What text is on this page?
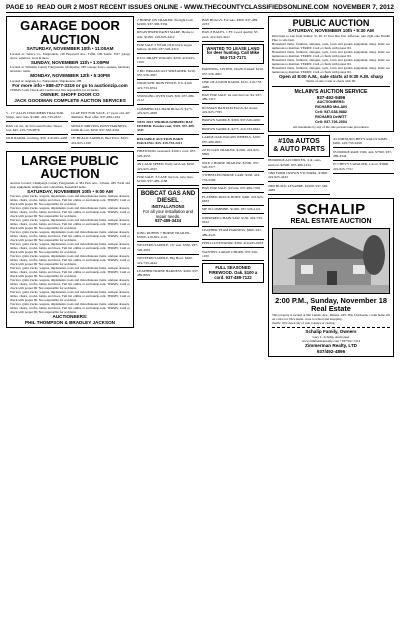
PAGE 10 READ OUR 2 MOST RECENT ISSUES ONLINE - WWW.THECOUNTYCLASSIFIEDSONLINE.COM NOVEMBER 7, 2012
GARAGE DOOR AUCTION
SATURDAY, NOVEMBER 10th • 11:00AM
Located at: Seneca Co. Fairgrounds, 100 Hopewell Ave., Tiffin, OH. Items: 350+ garage doors, windows, tools & more.
SUNDAY, NOVEMBER 11th • 1:00PM
Located at: Williams County Fairgrounds, Montpelier, OH. Garage doors, openers, hardware and misc. items.
MONDAY, NOVEMBER 12th • 5:30PM
Located at: Auglaize Co. Fairgrounds, Wapakoneta, OH.
For more info • 888-477-3319 or go to auctionzip.com
TERMS: Cash, Check and Credit Card. Not responsible for accidents.
OWNER: SHOFF DOOR CO
JACK GOODMAN COMPLETE AUCTION SERVICES
5 - 11" ALLIS CHALMERS TRACTOR. Sharp, new tires. $1400. 419-733-0322
HAY 1st cut, all 5x5 round bales. Never wet. $45. 419-733-9876
OLD RADIO, working. $50. 419-925-4438
CLAY POT FOR SALE, 17 years old, 40" diameter. Best offer. 937-489-1234
SINGLE DRIVING PONY HARNESS, bridle & cart. $250. 937-526-4432
18" BLACK SADDLE, Bud Price. $225. 419-925-1199
LARGE PUBLIC AUCTION
Auction located: Champaign County Fairgrounds at 384 Park Ave., Urbana, OH. Farm and shop equipment, antiques and collectibles, household items.
SATURDAY, NOVEMBER 10th • 9:00 AM
Tractors, grain trucks, wagons, implements, tools and miscellaneous items. Antique dressers, tables, chairs, crocks, lamps and more. Full list online at auctionzip.com. TERMS: Cash or check with proper ID. Not responsible for accidents.
Tractors, grain trucks, wagons, implements, tools and miscellaneous items. Antique dressers, tables, chairs, crocks, lamps and more. Full list online at auctionzip.com. TERMS: Cash or check with proper ID. Not responsible for accidents.
Tractors, grain trucks, wagons, implements, tools and miscellaneous items. Antique dressers, tables, chairs, crocks, lamps and more. Full list online at auctionzip.com. TERMS: Cash or check with proper ID. Not responsible for accidents.
Tractors, grain trucks, wagons, implements, tools and miscellaneous items. Antique dressers, tables, chairs, crocks, lamps and more. Full list online at auctionzip.com. TERMS: Cash or check with proper ID. Not responsible for accidents.
Tractors, grain trucks, wagons, implements, tools and miscellaneous items. Antique dressers, tables, chairs, crocks, lamps and more. Full list online at auctionzip.com. TERMS: Cash or check with proper ID. Not responsible for accidents.
Tractors, grain trucks, wagons, implements, tools and miscellaneous items. Antique dressers, tables, chairs, crocks, lamps and more. Full list online at auctionzip.com. TERMS: Cash or check with proper ID. Not responsible for accidents.
Tractors, grain trucks, wagons, implements, tools and miscellaneous items. Antique dressers, tables, chairs, crocks, lamps and more. Full list online at auctionzip.com. TERMS: Cash or check with proper ID. Not responsible for accidents.
Tractors, grain trucks, wagons, implements, tools and miscellaneous items. Antique dressers, tables, chairs, crocks, lamps and more. Full list online at auctionzip.com. TERMS: Cash or check with proper ID. Not responsible for accidents.
Tractors, grain trucks, wagons, implements, tools and miscellaneous items. Antique dressers, tables, chairs, crocks, lamps and more. Full list online at auctionzip.com. TERMS: Cash or check with proper ID. Not responsible for accidents.
Tractors, grain trucks, wagons, implements, tools and miscellaneous items. Antique dressers, tables, chairs, crocks, lamps and more. Full list online at auctionzip.com. TERMS: Cash or check with proper ID. Not responsible for accidents.
AUCTIONEERS:
PHIL THOMPSON & BRADLEY JACKSON
2 HORSE ON TRAILER. Straight load. $2200. 937-368-3334
REGISTERED PAINT MARE. Broke to ride. $1200. 419-925-4412
FOR SALE 3 YEAR OLD black angus heifers. $1100. 937-526-4310
P.T.O. DRAFT WAGON. $250. 419-925-1100
2 BU. BROADCAST SPREADER. $150. 937-526-4567
WROUGHT IRON FENCE, 8 ft. $100. 419-733-6554
SWINGING OVEN DAY. $50. 937-489-2112
COMMERCIAL HAIR BUGGY. $175. 419-925-4498
NEW 2013 THOROUGHBRED HAY FEEDER. Powder coat, $325. 937-489-3311
RELIABLE AUCTION BARN HAULING. $25. 419-733-2211
FIREWOOD, seasoned. $100 a cord. 937-526-4555
4N CAUR SPEED. Fully serviced. $450. 419-925-4345
FOR SALE: 3 CASE tractors, new tires. $1500. 937-489-1188
BOBCAT GAS AND DIESEL
INSTALLATIONS
For all your installation and repair needs.
937-489-3434
KING RUFFIN 7 HORSE TRAILER. $3500. 419-925-1122
WESTERN SADDLE, 16" seat. $350. 937-526-4901
WESTERN SADDLE. Big Horn. $400. 419-733-4444
LEATHER HORSE HARNESS. $200. 937-489-8822
HAY BUGGY. For sale. $300. 937-489-2233
HAY, 8 BALES, 1 FT. Good quality. $5 each. 419-925-4411
WANTED TO LEASE LAND for deer hunting. Call Mike 564-713-7171
PAINTING, LISTED, 16x20, framed. $150. 937-526-4001
ONE OF A KIND RADIO. $125. 419-733-4989
HAY FOR SALE 1st and 2nd cut. $4. 937-489-1313
RUSSIAN BANTAM EGGS. $2 dozen. 419-925-7765
BROWN SADDLE. $300. 937-526-4450
BROWN SADDLE. $275. 419-733-6622
LARGE OAK WAGON WHEELS. $100. 937-489-0021
20' ECGAN TRAILER. $1500. 419-925-8899
NICE 2 HORSE TRAILER. $2500. 937-526-3377
3 WHEELED HORSE CART. $350. 419-733-5500
HAY FOR SALE. $4 bale. 937-489-7766
FLATBED TRUCK BODY. $400. 419-925-6633
MF 50 COMBINE. $1200. 937-526-2121
JONSERED CHAIN SAW. $150. 419-733-9012
LEATHER TEAM HARNESS. $600. 937-489-4545
FEED CULTIVATOR. $300. 419-925-0033
WANTED: LARGE CHURN. 937-526-1100
FULL SEASONED FIREWOOD. Oak. $100 a cord. 937-489-7122
PUBLIC AUCTION
SATURDAY, NOVEMBER 10th • 9:30 AM
Directions to sale from Sidney: St. Rt. 47 East thru Port Jefferson, turn right onto Hardin Pike, to sale barn.
Household items, furniture, antiques, tools, lawn and garden equipment, many items too numerous to mention. TERMS: Cash or check with proper ID.
Household items, furniture, antiques, tools, lawn and garden equipment, many items too numerous to mention. TERMS: Cash or check with proper ID.
Household items, furniture, antiques, tools, lawn and garden equipment, many items too numerous to mention. TERMS: Cash or check with proper ID.
Household items, furniture, antiques, tools, lawn and garden equipment, many items too numerous to mention. TERMS: Cash or check with proper ID.
Open at 8:00 A.M., sale starts at 9:30 A.M. sharp
Terms of sale: Cash or check with ID.
McLAIN'S AUCTION SERVICE
937-492-9496
AUCTIONEERS:
RICHARD McLAIN
Cell: 937-638-9882
RICHARD DeWITT
Cell: 937-726-2004
All statements by any of the sale persons take precedence.
#10a AUTOS
& AUTO PARTS
88 DODGE ACCORD EX, 4 dr, auto, sunroof. $2500. 937-489-1234
1999 FORD CROWN VICTORIA. $1800. 419-925-4432
2000 BUICK LESABRE. $2200. 937-526-4489
ALUMINUM CHEVY RALLY RIMS. $200. 419-733-2299
05 DODGE RAM 1500, 4x4. $7500. 937-489-3344
07 CHEVY CAVALIER, 2 door. $3900. 419-925-7721
SCHALIP
REAL ESTATE AUCTION
2:00 P.M., Sunday, November 18
Real Estate
This property is located at 940 Lunatic Ave., Minster, OH. This 3 bedroom, 1 bath home sits on a nice lot. Nice home, close to school and shopping.
Terms: 10% down day of sale, balance at closing.
Schalip Family, Owners
Gary L. Schalip, Auctioneer
www.zimmermanrealty.com • 937/597-7214
Zimmerman Realty, LTD
937/492-4896
